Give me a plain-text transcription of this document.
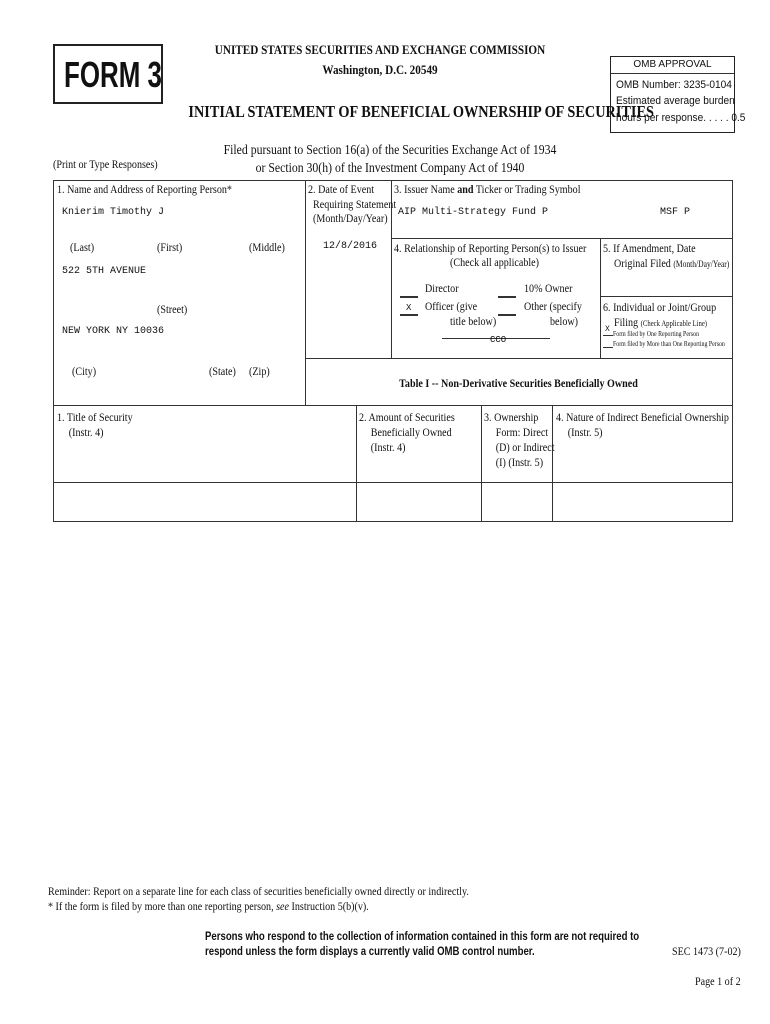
FORM 3
UNITED STATES SECURITIES AND EXCHANGE COMMISSION
Washington, D.C. 20549
INITIAL STATEMENT OF BENEFICIAL OWNERSHIP OF SECURITIES
Filed pursuant to Section 16(a) of the Securities Exchange Act of 1934
or Section 30(h) of the Investment Company Act of 1940
(Print or Type Responses)
OMB APPROVAL
OMB Number: 3235-0104
Estimated average burden
hours per response. . . . . 0.5
1. Name and Address of Reporting Person*
Knierim Timothy J
(Last)	(First)	(Middle)
522 5TH AVENUE
(Street)
NEW YORK NY 10036
(City)	(State) (Zip)
2. Date of Event
Requiring Statement
(Month/Day/Year)
12/8/2016
3. Issuer Name and Ticker or Trading Symbol
AIP Multi-Strategy Fund P	MSF P
4. Relationship of Reporting Person(s) to Issuer
(Check all applicable)
Director	10% Owner
X Officer (give
title below)
Other (specify
below)
CCO
5. If Amendment, Date
Original Filed (Month/Day/Year)
6. Individual or Joint/Group
Filing (Check Applicable Line)
X Form filed by One Reporting Person
Form filed by More than One Reporting Person
Table I -- Non-Derivative Securities Beneficially Owned
1. Title of Security
(Instr. 4)
2. Amount of Securities
Beneficially Owned
(Instr. 4)
3. Ownership
Form: Direct
(D) or Indirect
(I) (Instr. 5)
4. Nature of Indirect Beneficial Ownership
(Instr. 5)
Reminder: Report on a separate line for each class of securities beneficially owned directly or indirectly.
* If the form is filed by more than one reporting person, see Instruction 5(b)(v).
Persons who respond to the collection of information contained in this form are not required to
respond unless the form displays a currently valid OMB control number.	SEC 1473 (7-02)
Page 1 of 2
